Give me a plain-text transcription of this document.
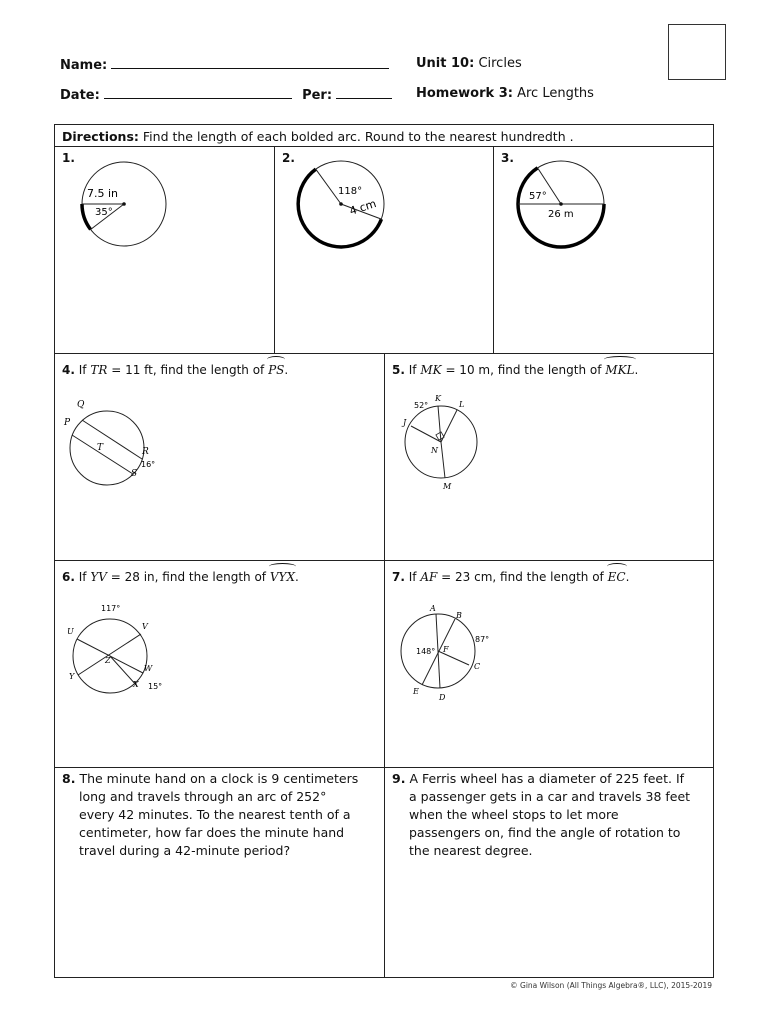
Name:
Date:	Per:
Unit 10: Circles
Homework 3: Arc Lengths
Directions: Find the length of each bolded arc. Round to the nearest hundredth .
1.
7.5 in
35°
2.
118°
4 cm
3.
57°
26 m
4. If TR = 11 ft, find the length of PS.
Q
P
T	R
S
16°
5. If MK = 10 m, find the length of MKL.
K
L
J
N
M
52°
6. If YV = 28 in, find the length of VYX.
117°
U
V
Y
Z
W
X 15°
7. If AF = 23 cm, find the length of EC.
A
B
C
D
E
F
148°
87°
8. The minute hand on a clock is 9 centimeters
long and travels through an arc of 252°
every 42 minutes. To the nearest tenth of a
centimeter, how far does the minute hand
travel during a 42-minute period?
9. A Ferris wheel has a diameter of 225 feet. If
a passenger gets in a car and travels 38 feet
when the wheel stops to let more
passengers on, find the angle of rotation to
the nearest degree.
© Gina Wilson (All Things Algebra®, LLC), 2015-2019
